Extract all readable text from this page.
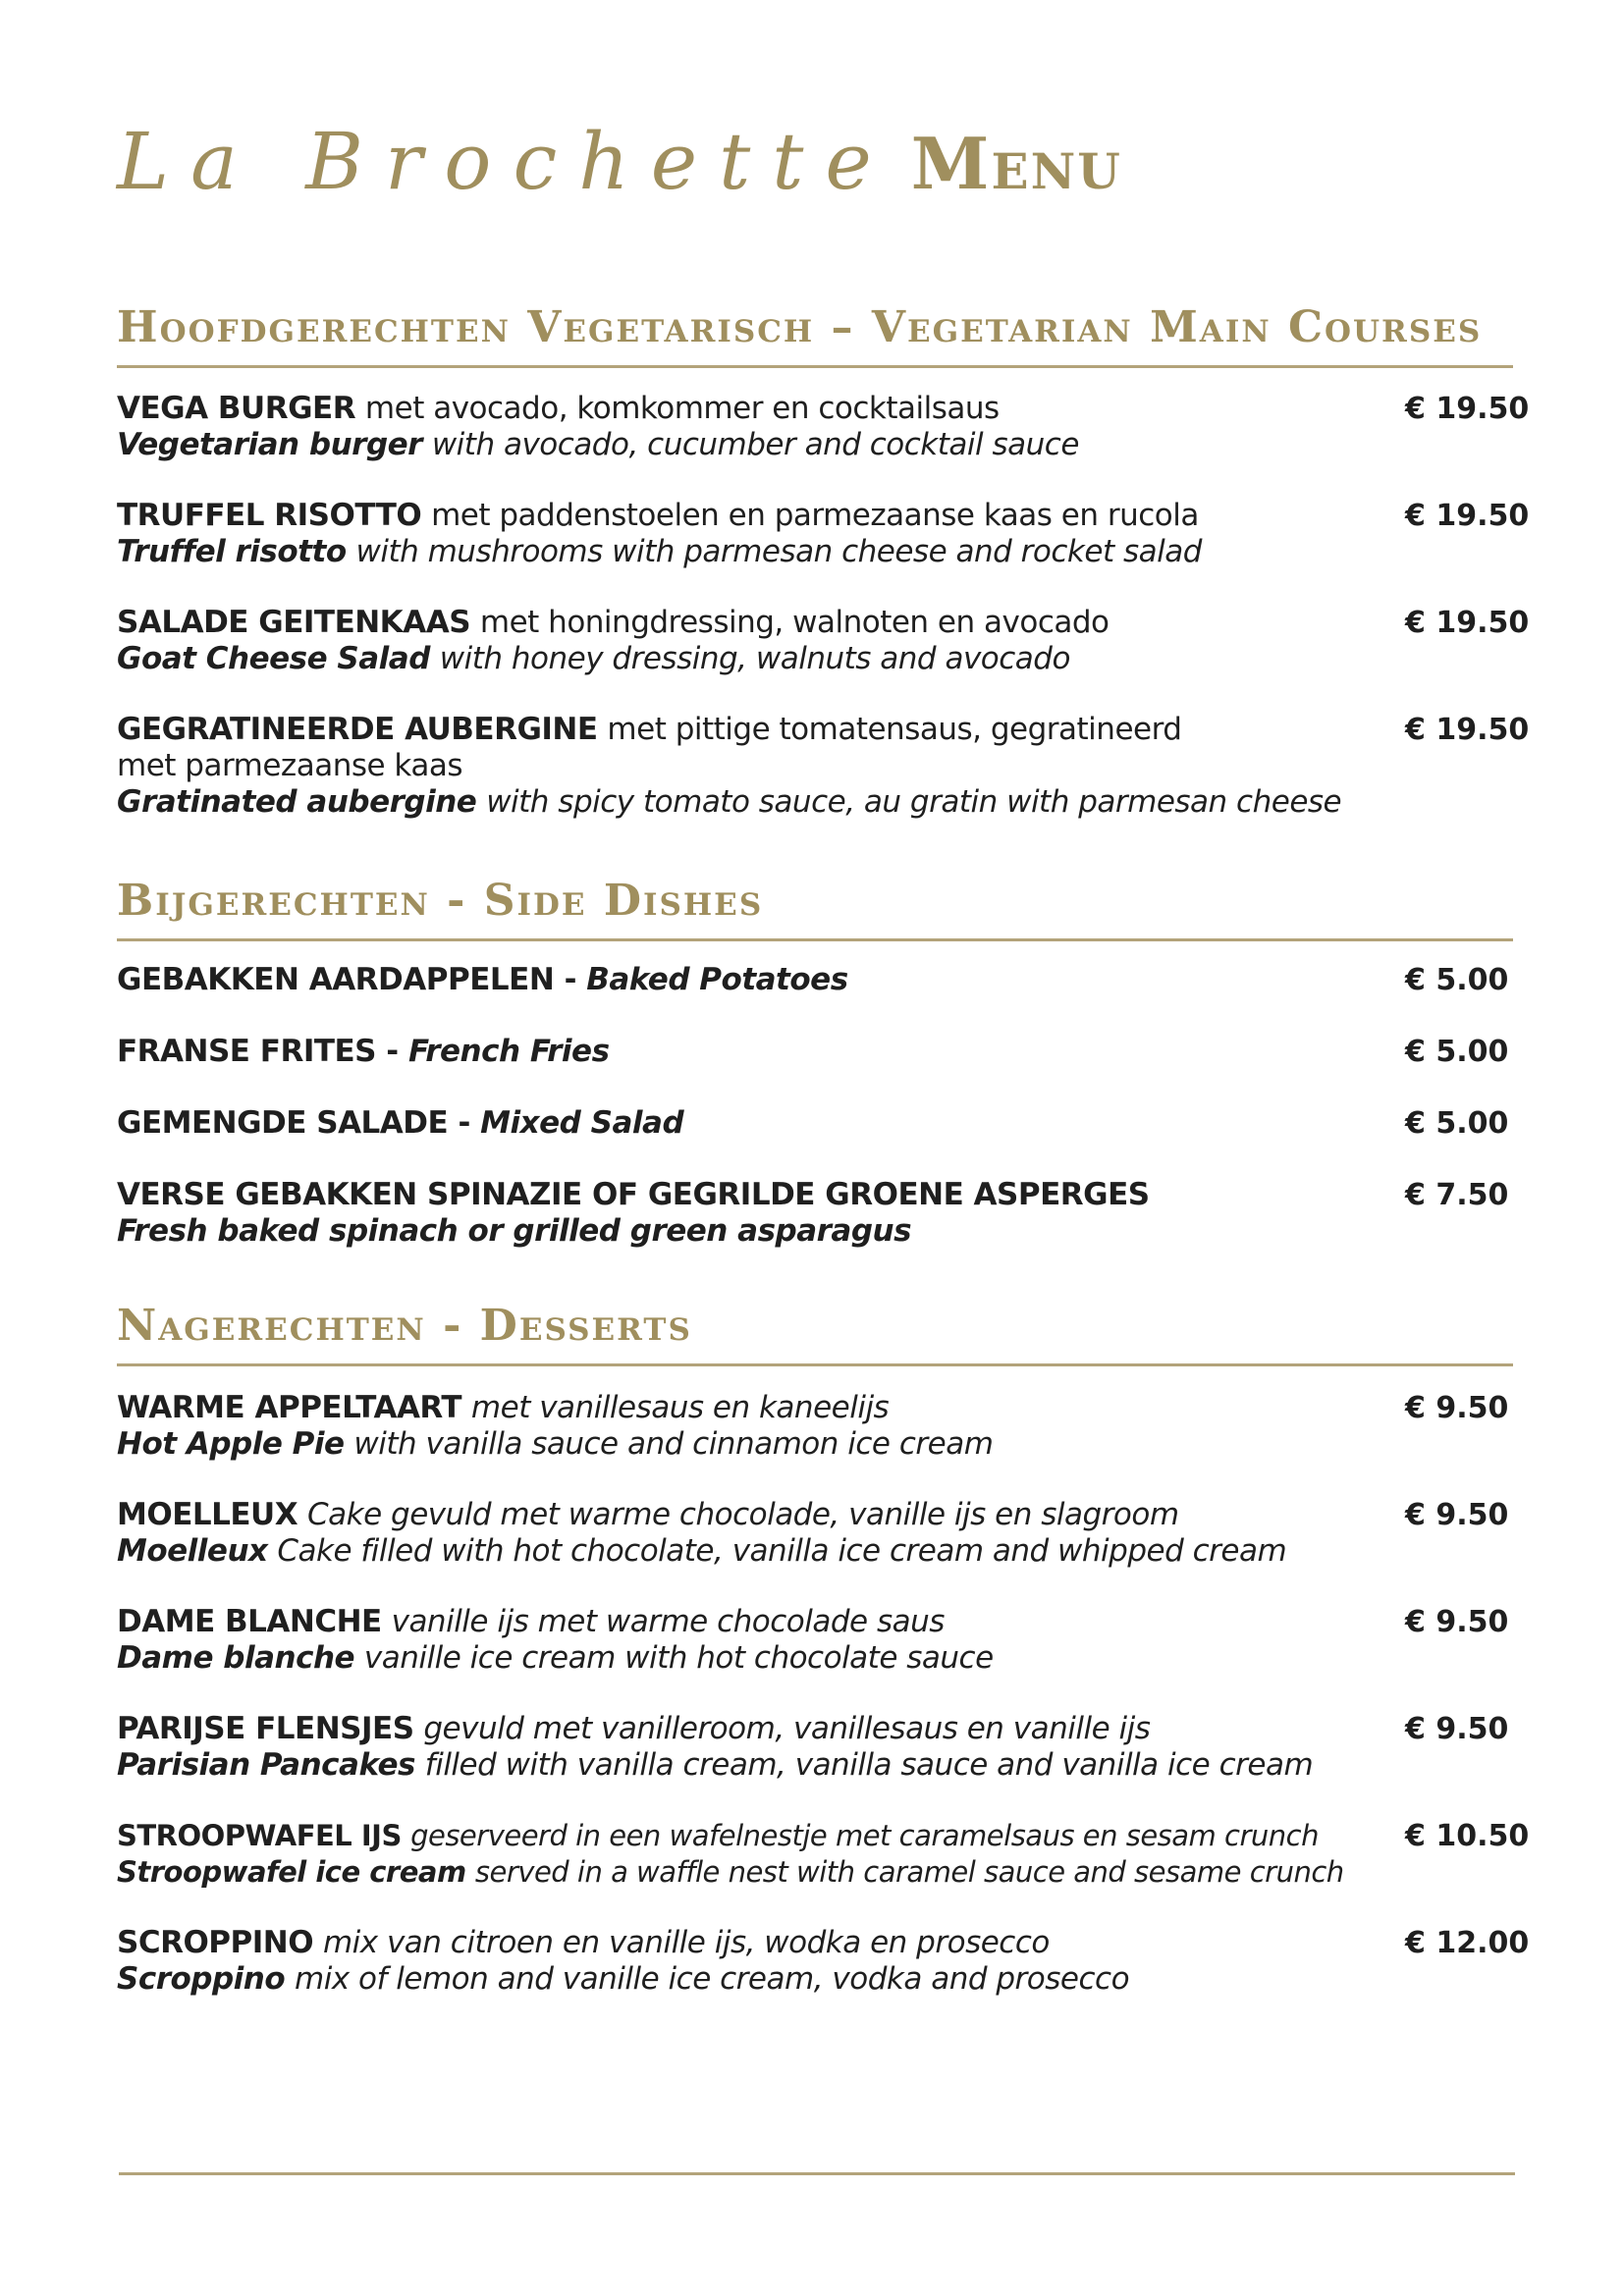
La Brochette Menu
Hoofdgerechten Vegetarisch – Vegetarian Main Courses
VEGA BURGER met avocado, komkommer en cocktailsaus
Vegetarian burger with avocado, cucumber and cocktail sauce
€ 19.50
TRUFFEL RISOTTO met paddenstoelen en parmezaanse kaas en rucola
Truffel risotto with mushrooms with parmesan cheese and rocket salad
€ 19.50
SALADE GEITENKAAS met honingdressing, walnoten en avocado
Goat Cheese Salad with honey dressing, walnuts and avocado
€ 19.50
GEGRATINEERDE AUBERGINE met pittige tomatensaus, gegratineerd
met parmezaanse kaas
Gratinated aubergine with spicy tomato sauce, au gratin with parmesan cheese
€ 19.50
Bijgerechten - Side Dishes
GEBAKKEN AARDAPPELEN - Baked Potatoes	€ 5.00
FRANSE FRITES - French Fries	€ 5.00
GEMENGDE SALADE - Mixed Salad	€ 5.00
VERSE GEBAKKEN SPINAZIE OF GEGRILDE GROENE ASPERGES
Fresh baked spinach or grilled green asparagus
€ 7.50
Nagerechten - Desserts
WARME APPELTAART met vanillesaus en kaneelijs
Hot Apple Pie with vanilla sauce and cinnamon ice cream
€ 9.50
MOELLEUX Cake gevuld met warme chocolade, vanille ijs en slagroom
Moelleux Cake filled with hot chocolate, vanilla ice cream and whipped cream
€ 9.50
DAME BLANCHE vanille ijs met warme chocolade saus
Dame blanche vanille ice cream with hot chocolate sauce
€ 9.50
PARIJSE FLENSJES gevuld met vanilleroom, vanillesaus en vanille ijs
Parisian Pancakes filled with vanilla cream, vanilla sauce and vanilla ice cream
€ 9.50
STROOPWAFEL IJS geserveerd in een wafelnestje met caramelsaus en sesam crunch
Stroopwafel ice cream served in a waffle nest with caramel sauce and sesame crunch
€ 10.50
SCROPPINO mix van citroen en vanille ijs, wodka en prosecco
Scroppino mix of lemon and vanille ice cream, vodka and prosecco
€ 12.00
